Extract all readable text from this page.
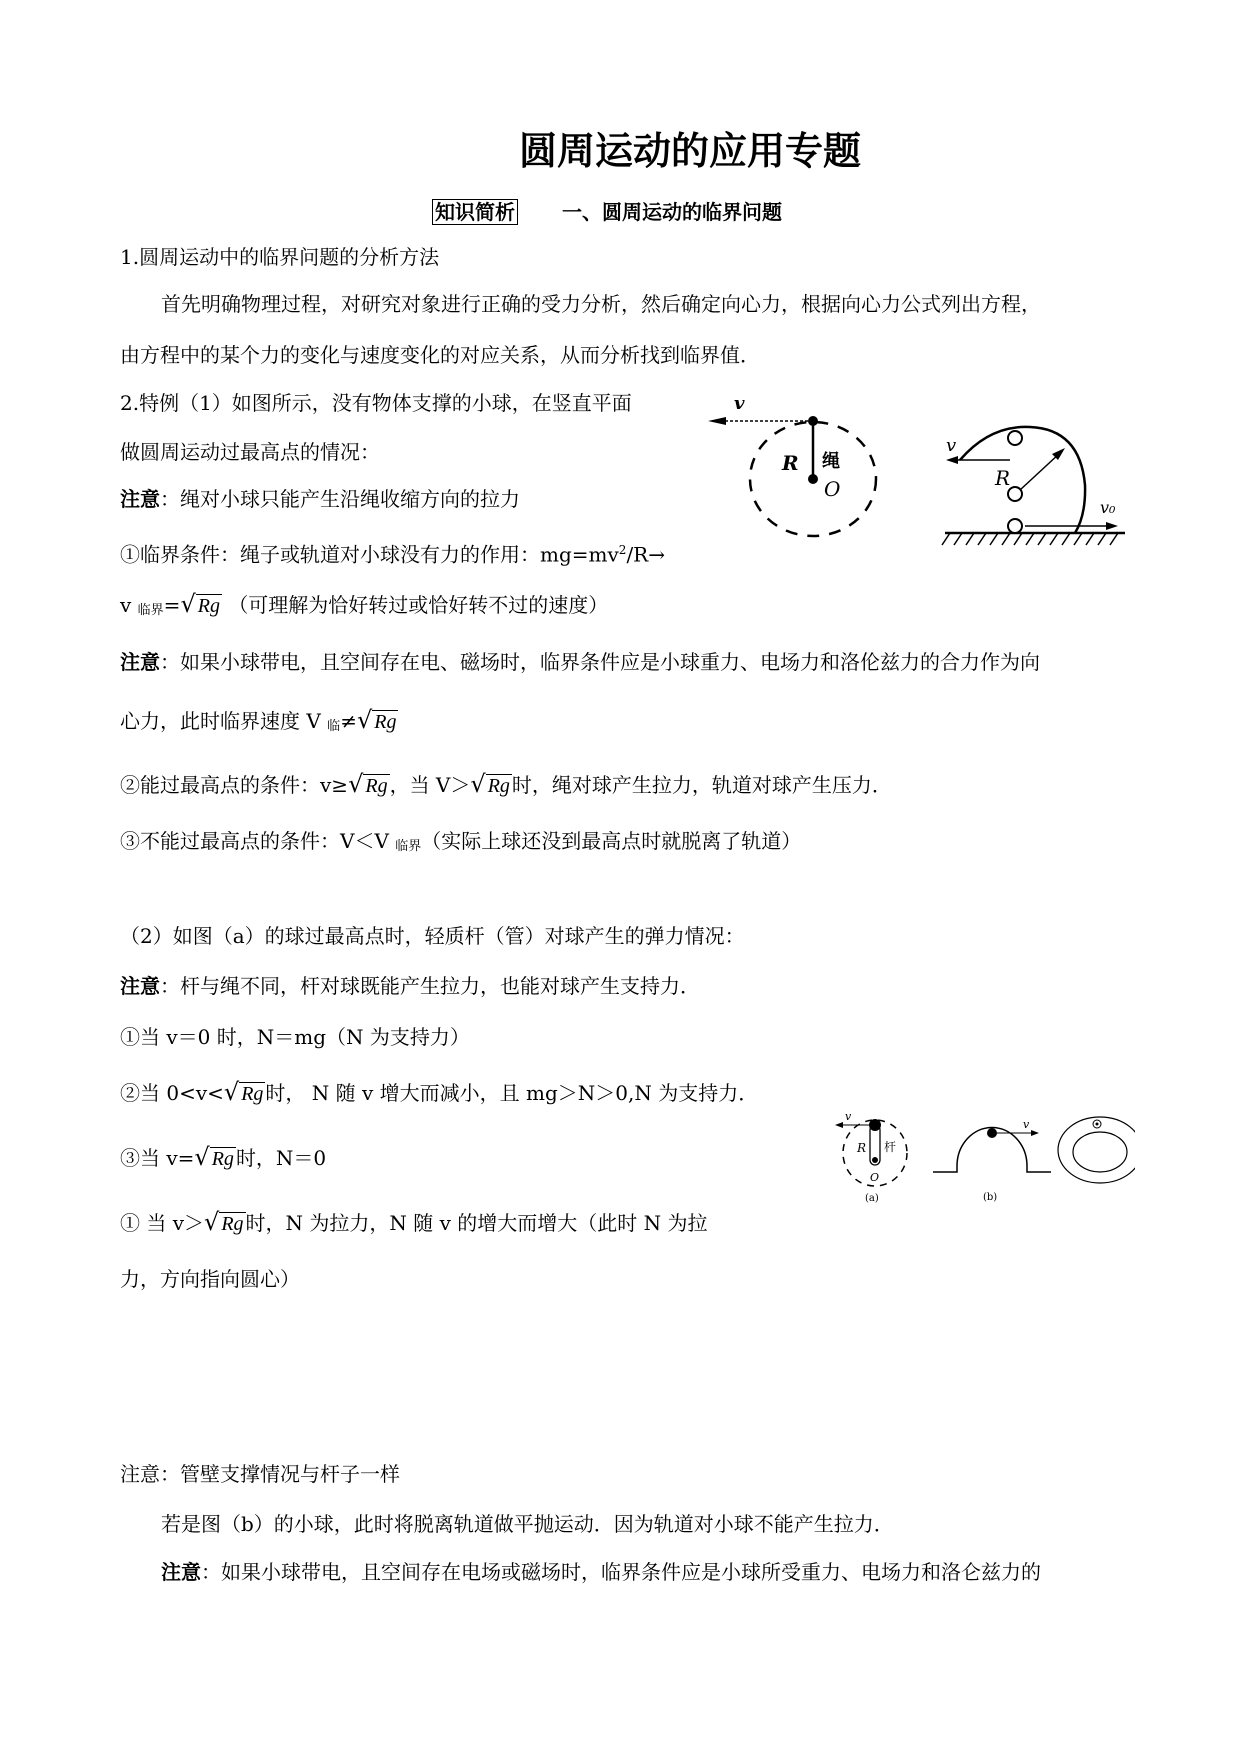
圆周运动的应用专题
知识简析 一、圆周运动的临界问题
1.圆周运动中的临界问题的分析方法
首先明确物理过程，对研究对象进行正确的受力分析，然后确定向心力，根据向心力公式列出方程，
由方程中的某个力的变化与速度变化的对应关系，从而分析找到临界值．
2.特例（1）如图所示，没有物体支撑的小球，在竖直平面
做圆周运动过最高点的情况：
注意：绳对小球只能产生沿绳收缩方向的拉力
①临界条件：绳子或轨道对小球没有力的作用：$mg=mv^2/R\to$
v $_{临界}$=√ Rg （可理解为恰好转过或恰好转不过的速度）
注意：如果小球带电，且空间存在电、磁场时，临界条件应是小球重力、电场力和洛伦兹力的合力作为向
心力，此时临界速度 V $_临$≠√ Rg
②能过最高点的条件：v≥√ Rg ，当 V＞√ Rg 时，绳对球产生拉力，轨道对球产生压力．
③不能过最高点的条件：V＜V $_{临界}$（实际上球还没到最高点时就脱离了轨道）
（2）如图（a）的球过最高点时，轻质杆（管）对球产生的弹力情况：
注意：杆与绳不同，杆对球既能产生拉力，也能对球产生支持力．
①当 v＝0 时，N＝mg（N 为支持力）
②当 0<v<√ Rg 时， N 随 v 增大而减小，且 mg＞N＞0,N 为支持力．
③当 v=√ Rg 时，N＝0
① 当 v＞√ Rg 时，N 为拉力，N 随 v 的增大而增大（此时 N 为拉
力，方向指向圆心）
注意：管壁支撑情况与杆子一样
若是图（b）的小球，此时将脱离轨道做平抛运动．因为轨道对小球不能产生拉力．
注意：如果小球带电，且空间存在电场或磁场时，临界条件应是小球所受重力、电场力和洛仑兹力的
v
R 绳
O
v
R
v₀
v
R 杆
O
(a)
v
(b)
